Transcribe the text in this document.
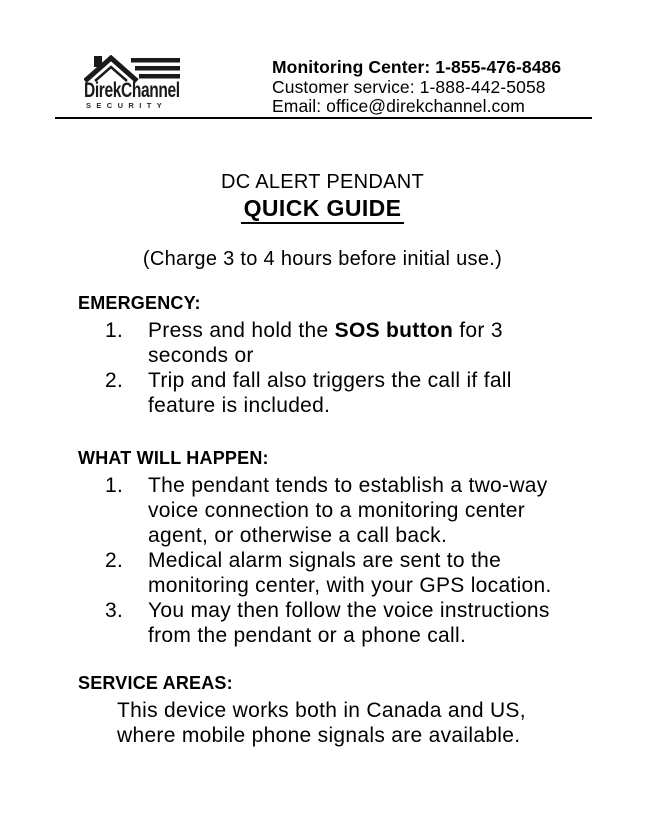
DirekChannel
SECURITY
Monitoring Center: 1-855-476-8486
Customer service: 1-888-442-5058
Email: office@direkchannel.com
DC ALERT PENDANT
QUICK GUIDE
(Charge 3 to 4 hours before initial use.)
EMERGENCY:
1. Press and hold the SOS button for 3 seconds or
2. Trip and fall also triggers the call if fall feature is included.
WHAT WILL HAPPEN:
1. The pendant tends to establish a two-way voice connection to a monitoring center agent, or otherwise a call back.
2. Medical alarm signals are sent to the monitoring center, with your GPS location.
3. You may then follow the voice instructions from the pendant or a phone call.
SERVICE AREAS:
This device works both in Canada and US, where mobile phone signals are available.
